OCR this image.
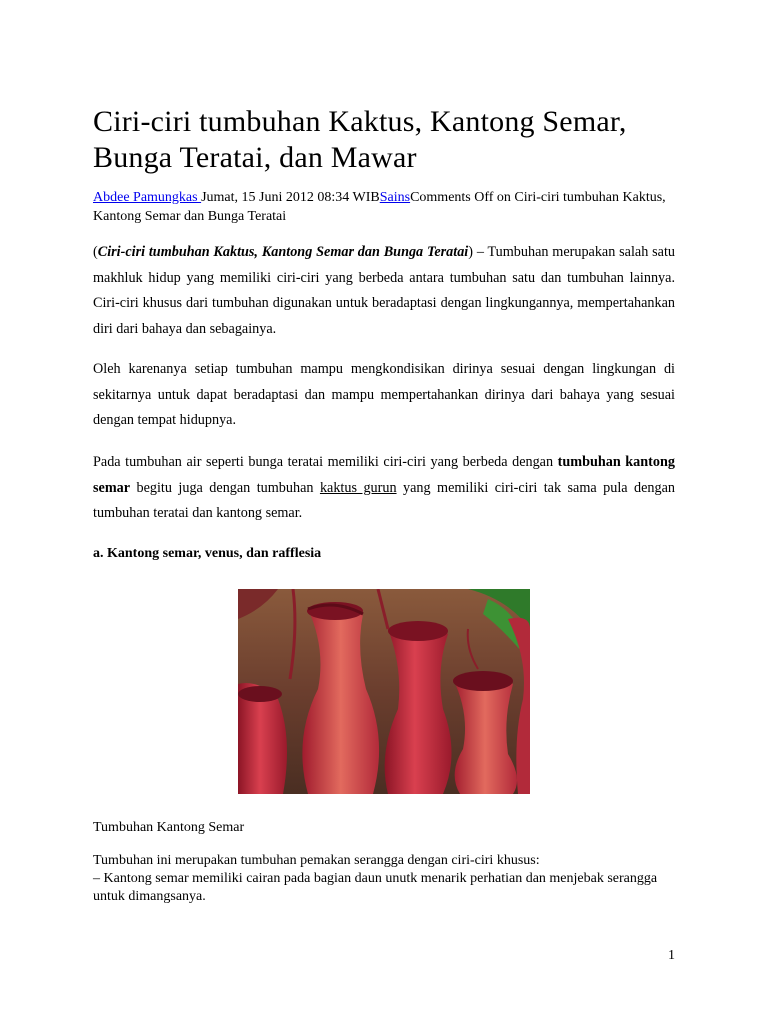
Ciri-ciri tumbuhan Kaktus, Kantong Semar, Bunga Teratai, dan Mawar
Abdee Pamungkas Jumat, 15 Juni 2012 08:34 WIBSainsComments Off on Ciri-ciri tumbuhan Kaktus, Kantong Semar dan Bunga Teratai

(Ciri-ciri tumbuhan Kaktus, Kantong Semar dan Bunga Teratai) – Tumbuhan merupakan salah satu makhluk hidup yang memiliki ciri-ciri yang berbeda antara tumbuhan satu dan tumbuhan lainnya. Ciri-ciri khusus dari tumbuhan digunakan untuk beradaptasi dengan lingkungannya, mempertahankan diri dari bahaya dan sebagainya.

Oleh karenanya setiap tumbuhan mampu mengkondisikan dirinya sesuai dengan lingkungan di sekitarnya untuk dapat beradaptasi dan mampu mempertahankan dirinya dari bahaya yang sesuai dengan tempat hidupnya.

Pada tumbuhan air seperti bunga teratai memiliki ciri-ciri yang berbeda dengan tumbuhan kantong semar begitu juga dengan tumbuhan kaktus gurun yang memiliki ciri-ciri tak sama pula dengan tumbuhan teratai dan kantong semar.

a. Kantong semar, venus, dan rafflesia

Tumbuhan Kantong Semar

Tumbuhan ini merupakan tumbuhan pemakan serangga dengan ciri-ciri khusus:
– Kantong semar memiliki cairan pada bagian daun unutk menarik perhatian dan menjebak serangga untuk dimangsanya.
1
